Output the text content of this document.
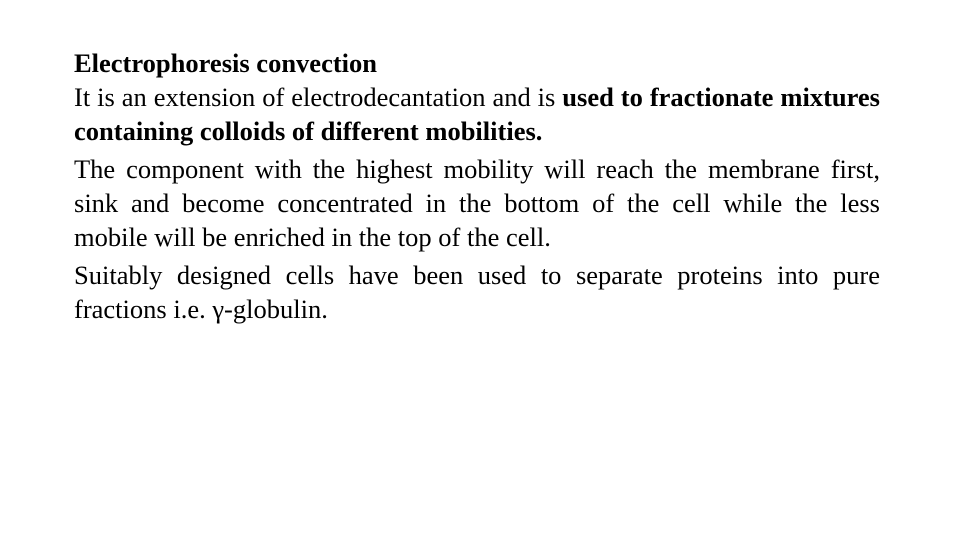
Electrophoresis convection

It is an extension of electrodecantation and is used to fractionate mixtures containing colloids of different mobilities.

The component with the highest mobility will reach the membrane first, sink and become concentrated in the bottom of the cell while the less mobile will be enriched in the top of the cell.

Suitably designed cells have been used to separate proteins into pure fractions i.e. γ-globulin.
